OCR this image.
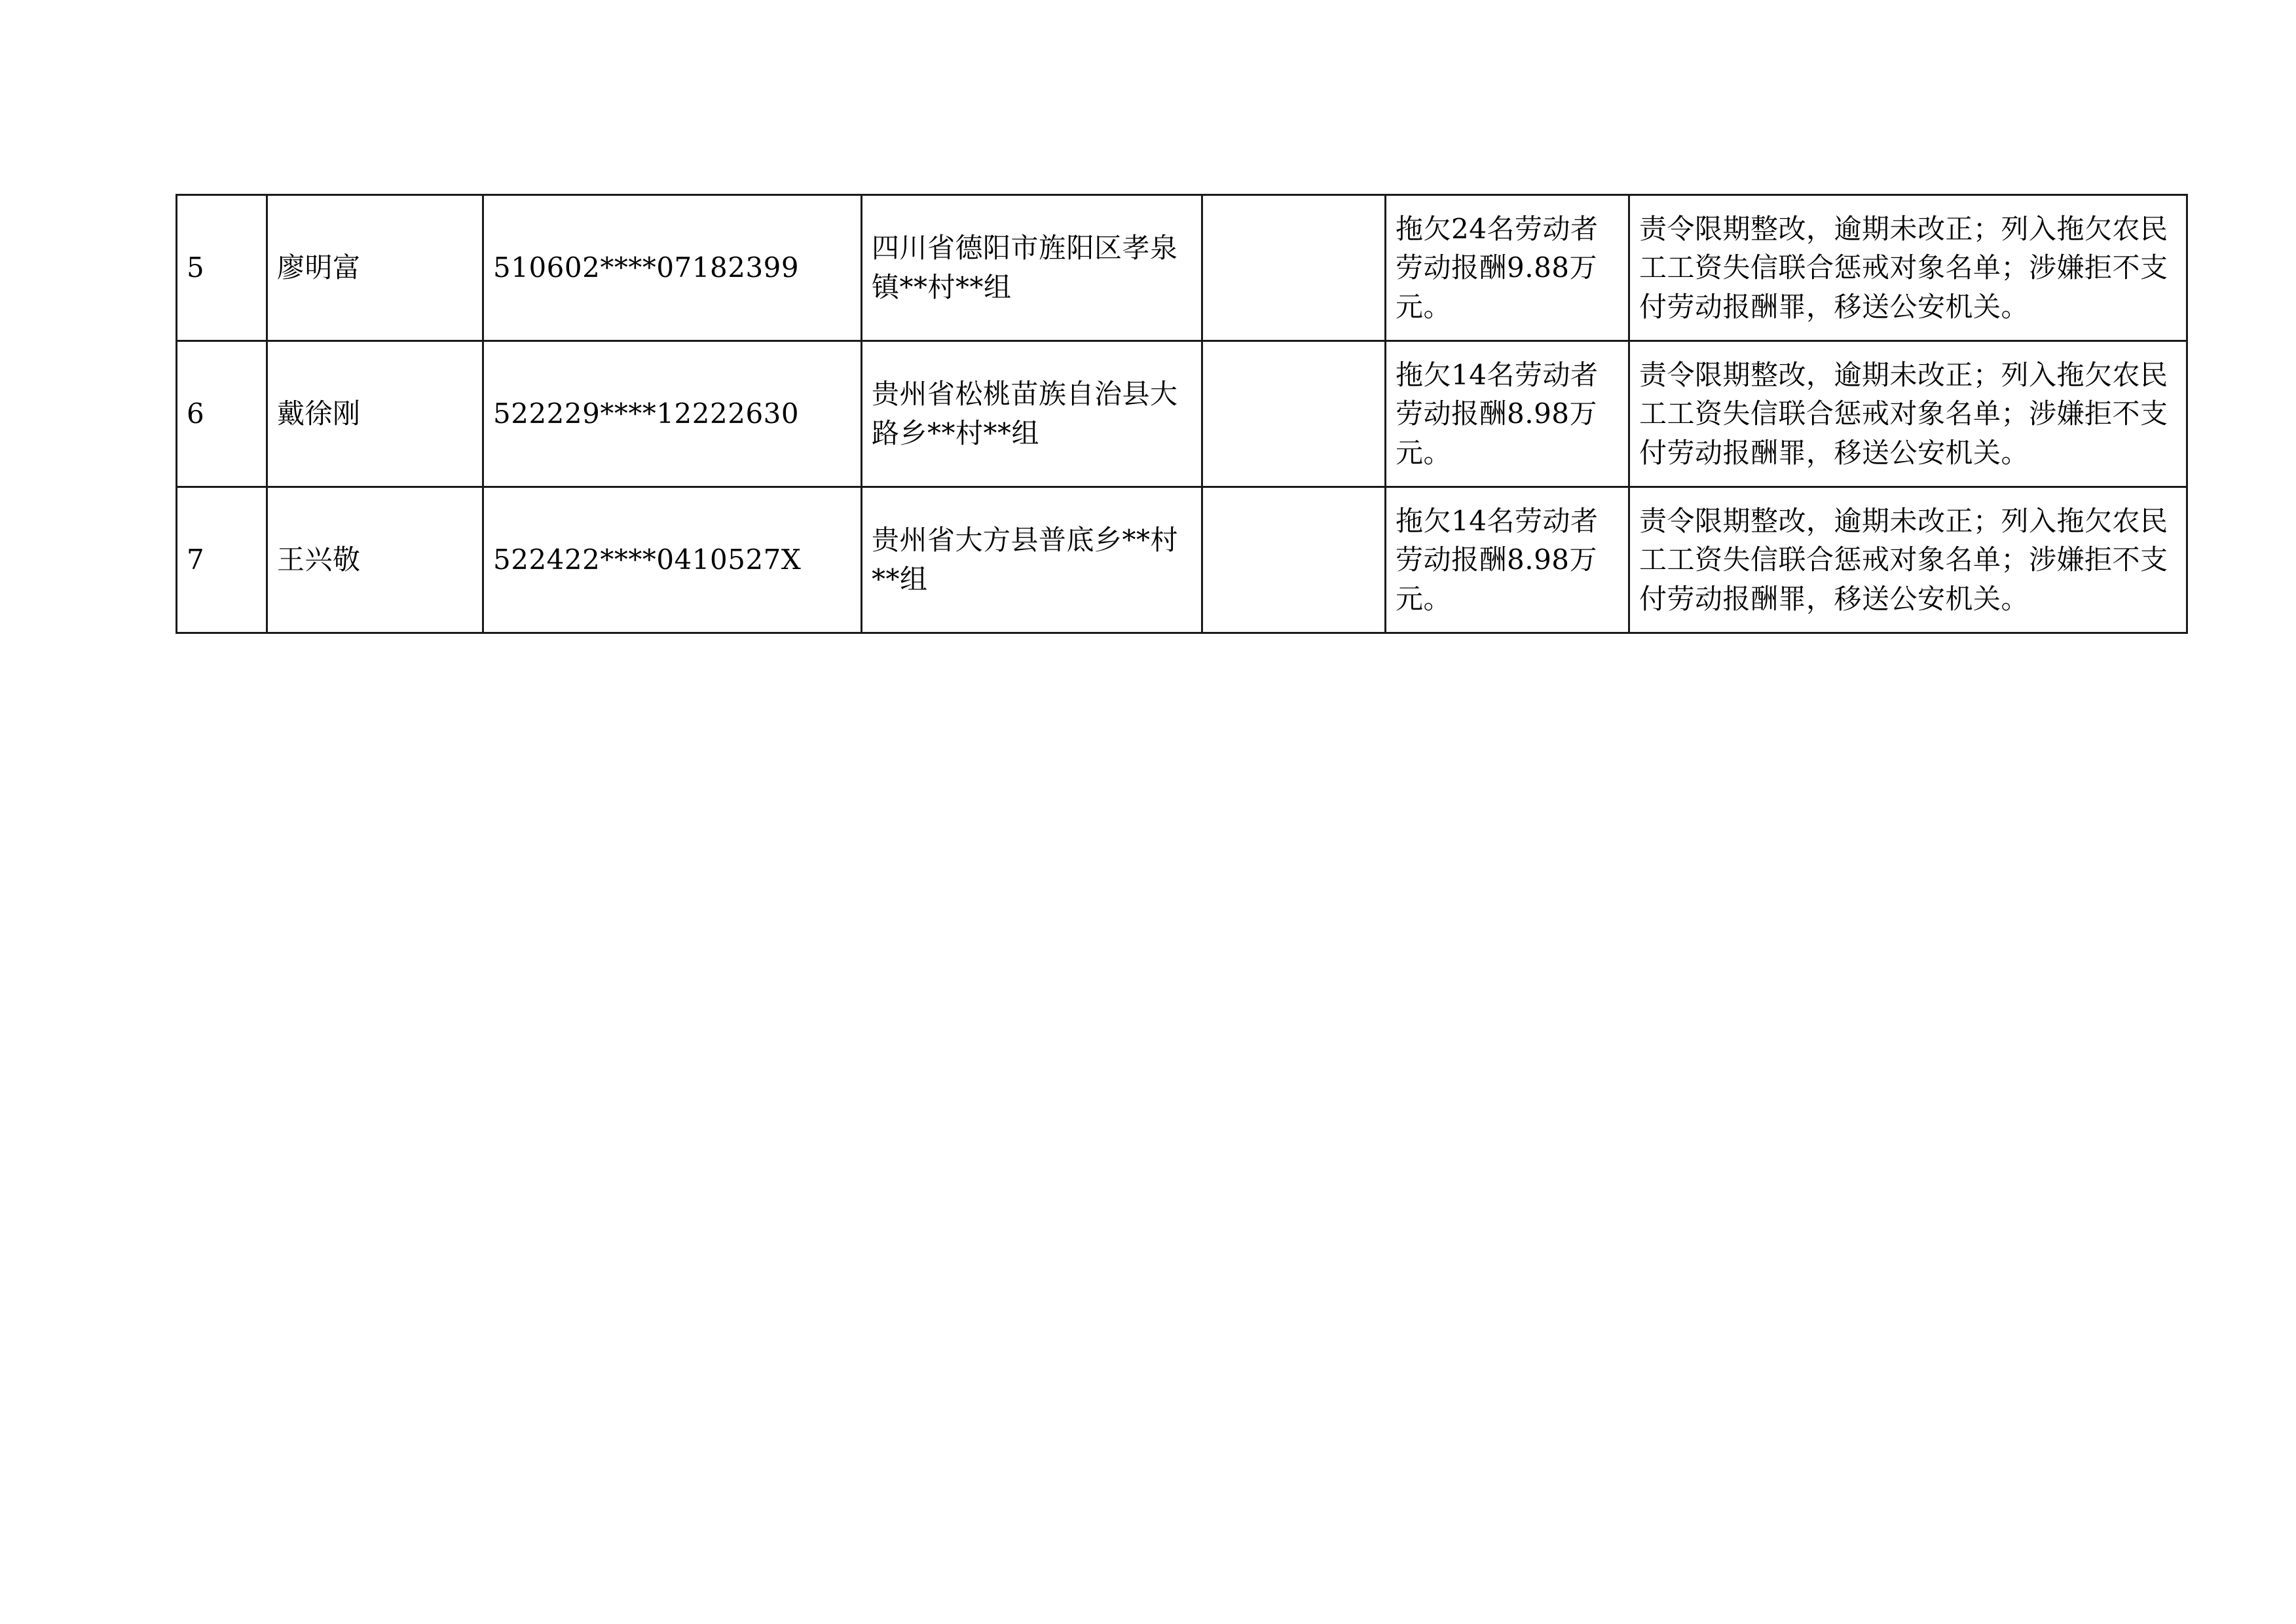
5	廖明富	510602****07182399	四川省德阳市旌阳区孝泉镇**村**组		拖欠24名劳动者劳动报酬9.88万元。	责令限期整改，逾期未改正；列入拖欠农民工工资失信联合惩戒对象名单；涉嫌拒不支付劳动报酬罪，移送公安机关。
6	戴徐刚	522229****12222630	贵州省松桃苗族自治县大路乡**村**组		拖欠14名劳动者劳动报酬8.98万元。	责令限期整改，逾期未改正；列入拖欠农民工工资失信联合惩戒对象名单；涉嫌拒不支付劳动报酬罪，移送公安机关。
7	王兴敬	522422****0410527X	贵州省大方县普底乡**村**组		拖欠14名劳动者劳动报酬8.98万元。	责令限期整改，逾期未改正；列入拖欠农民工工资失信联合惩戒对象名单；涉嫌拒不支付劳动报酬罪，移送公安机关。
